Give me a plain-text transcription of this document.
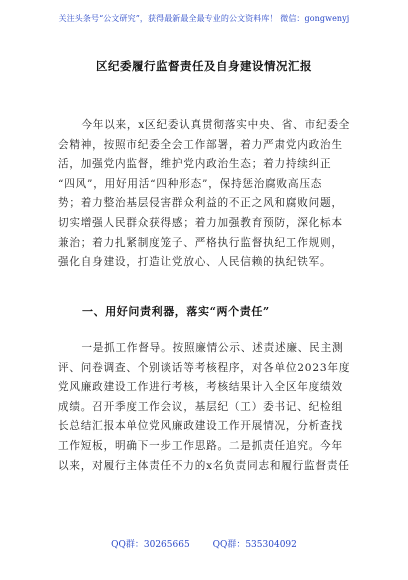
关注头条号“公文研究”，获得最新最全最专业的公文资料库！ 微信：gongwenyj
区纪委履行监督责任及自身建设情况汇报
今年以来，x区纪委认真贯彻落实中央、省、市纪委全
会精神，按照市纪委全会工作部署，着力严肃党内政治生
活，加强党内监督，维护党内政治生态；着力持续纠正
“四风”，用好用活“四种形态”，保持惩治腐败高压态
势；着力整治基层侵害群众利益的不正之风和腐败问题，
切实增强人民群众获得感；着力加强教育预防，深化标本
兼治；着力扎紧制度笼子、严格执行监督执纪工作规则，
强化自身建设，打造让党放心、人民信赖的执纪铁军。
一、用好问责利器，落实“两个责任”
一是抓工作督导。按照廉情公示、述责述廉、民主测
评、问卷调查、个别谈话等考核程序，对各单位2023年度
党风廉政建设工作进行考核，考核结果计入全区年度绩效
成绩。召开季度工作会议，基层纪（工）委书记、纪检组
长总结汇报本单位党风廉政建设工作开展情况，分析查找
工作短板，明确下一步工作思路。二是抓责任追究。今年
以来，对履行主体责任不力的x名负责同志和履行监督责任
QQ群：30265665	QQ群：535304092
